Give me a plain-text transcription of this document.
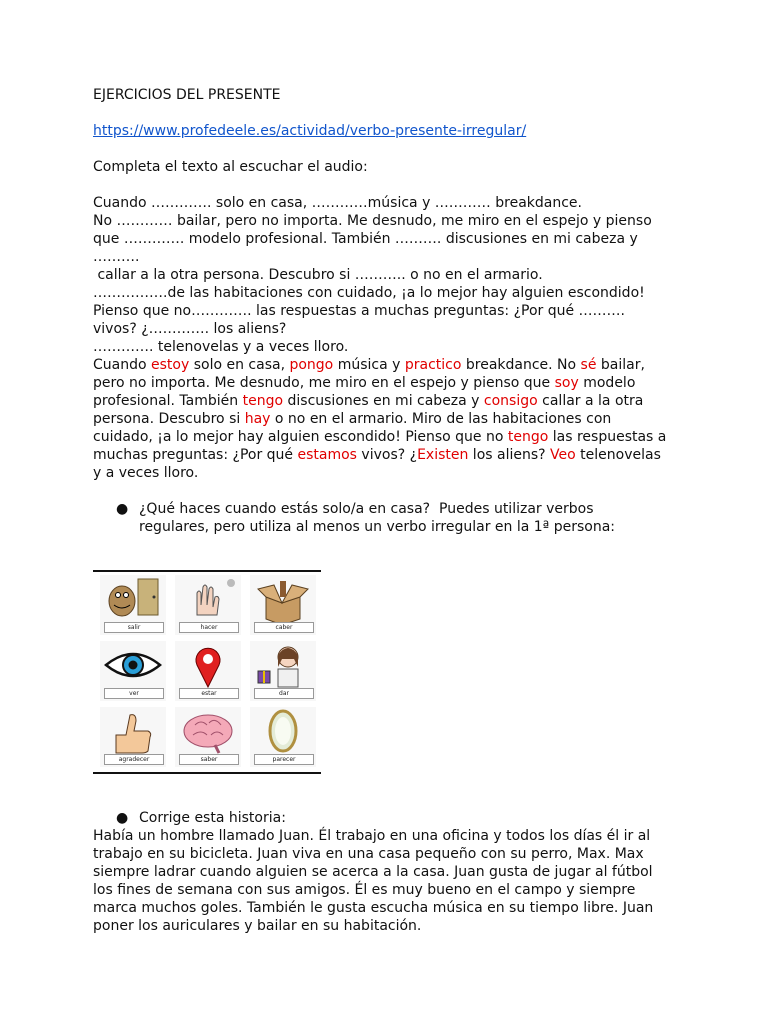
EJERCICIOS DEL PRESENTE
https://www.profedeele.es/actividad/verbo-presente-irregular/
Completa el texto al escuchar el audio:
Cuando …………. solo en casa, …………música y ………… breakdance.
No ………… bailar, pero no importa. Me desnudo, me miro en el espejo y pienso
que …………. modelo profesional. También ………. discusiones en mi cabeza y
……….
callar a la otra persona. Descubro si ……….. o no en el armario.
…………….de las habitaciones con cuidado, ¡a lo mejor hay alguien escondido!
Pienso que no…………. las respuestas a muchas preguntas: ¿Por qué ……….
vivos? ¿…………. los aliens?
…………. telenovelas y a veces lloro.
Cuando estoy solo en casa, pongo música y practico breakdance. No sé bailar,
pero no importa. Me desnudo, me miro en el espejo y pienso que soy modelo
profesional. También tengo discusiones en mi cabeza y consigo callar a la otra
persona. Descubro si hay o no en el armario. Miro de las habitaciones con
cuidado, ¡a lo mejor hay alguien escondido! Pienso que no tengo las respuestas a
muchas preguntas: ¿Por qué estamos vivos? ¿Existen los aliens? Veo telenovelas
y a veces lloro.
● ¿Qué haces cuando estás solo/a en casa?  Puedes utilizar verbos
regulares, pero utiliza al menos un verbo irregular en la 1ª persona:
salir	hacer	caber
ver	estar	dar
agradecer	saber	parecer
● Corrige esta historia:
Había un hombre llamado Juan. Él trabajo en una oficina y todos los días él ir al
trabajo en su bicicleta. Juan viva en una casa pequeño con su perro, Max. Max
siempre ladrar cuando alguien se acerca a la casa. Juan gusta de jugar al fútbol
los fines de semana con sus amigos. Él es muy bueno en el campo y siempre
marca muchos goles. También le gusta escucha música en su tiempo libre. Juan
poner los auriculares y bailar en su habitación.
